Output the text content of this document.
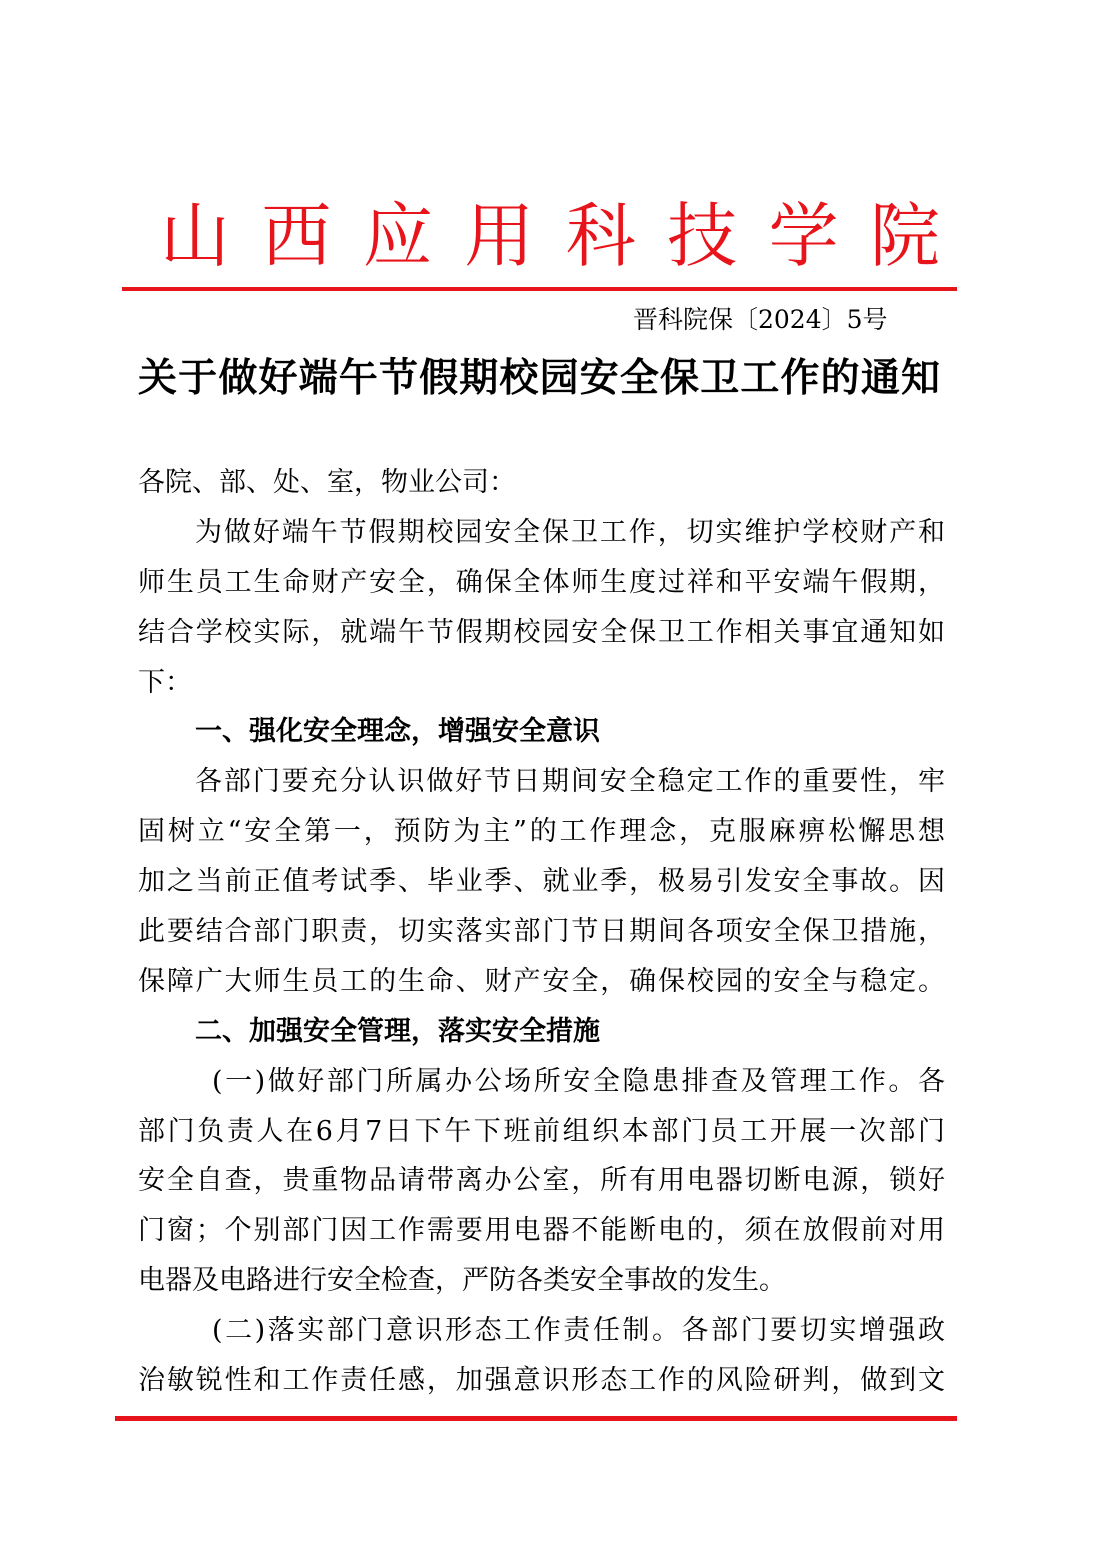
山 西 应 用 科 技 学 院
晋科院保〔2024〕5号
关于做好端午节假期校园安全保卫工作的通知
各院、部、处、室，物业公司：
为做好端午节假期校园安全保卫工作，切实维护学校财产和
师生员工生命财产安全，确保全体师生度过祥和平安端午假期，
结合学校实际，就端午节假期校园安全保卫工作相关事宜通知如
下：
一、强化安全理念，增强安全意识
各部门要充分认识做好节日期间安全稳定工作的重要性，牢
固树立“安全第一，预防为主”的工作理念，克服麻痹松懈思想
加之当前正值考试季、毕业季、就业季，极易引发安全事故。因
此要结合部门职责，切实落实部门节日期间各项安全保卫措施，
保障广大师生员工的生命、财产安全，确保校园的安全与稳定。
二、加强安全管理，落实安全措施
(一)做好部门所属办公场所安全隐患排查及管理工作。各
部门负责人在6月7日下午下班前组织本部门员工开展一次部门
安全自查，贵重物品请带离办公室，所有用电器切断电源，锁好
门窗；个别部门因工作需要用电器不能断电的，须在放假前对用
电器及电路进行安全检查，严防各类安全事故的发生。
(二)落实部门意识形态工作责任制。各部门要切实增强政
治敏锐性和工作责任感，加强意识形态工作的风险研判，做到文
